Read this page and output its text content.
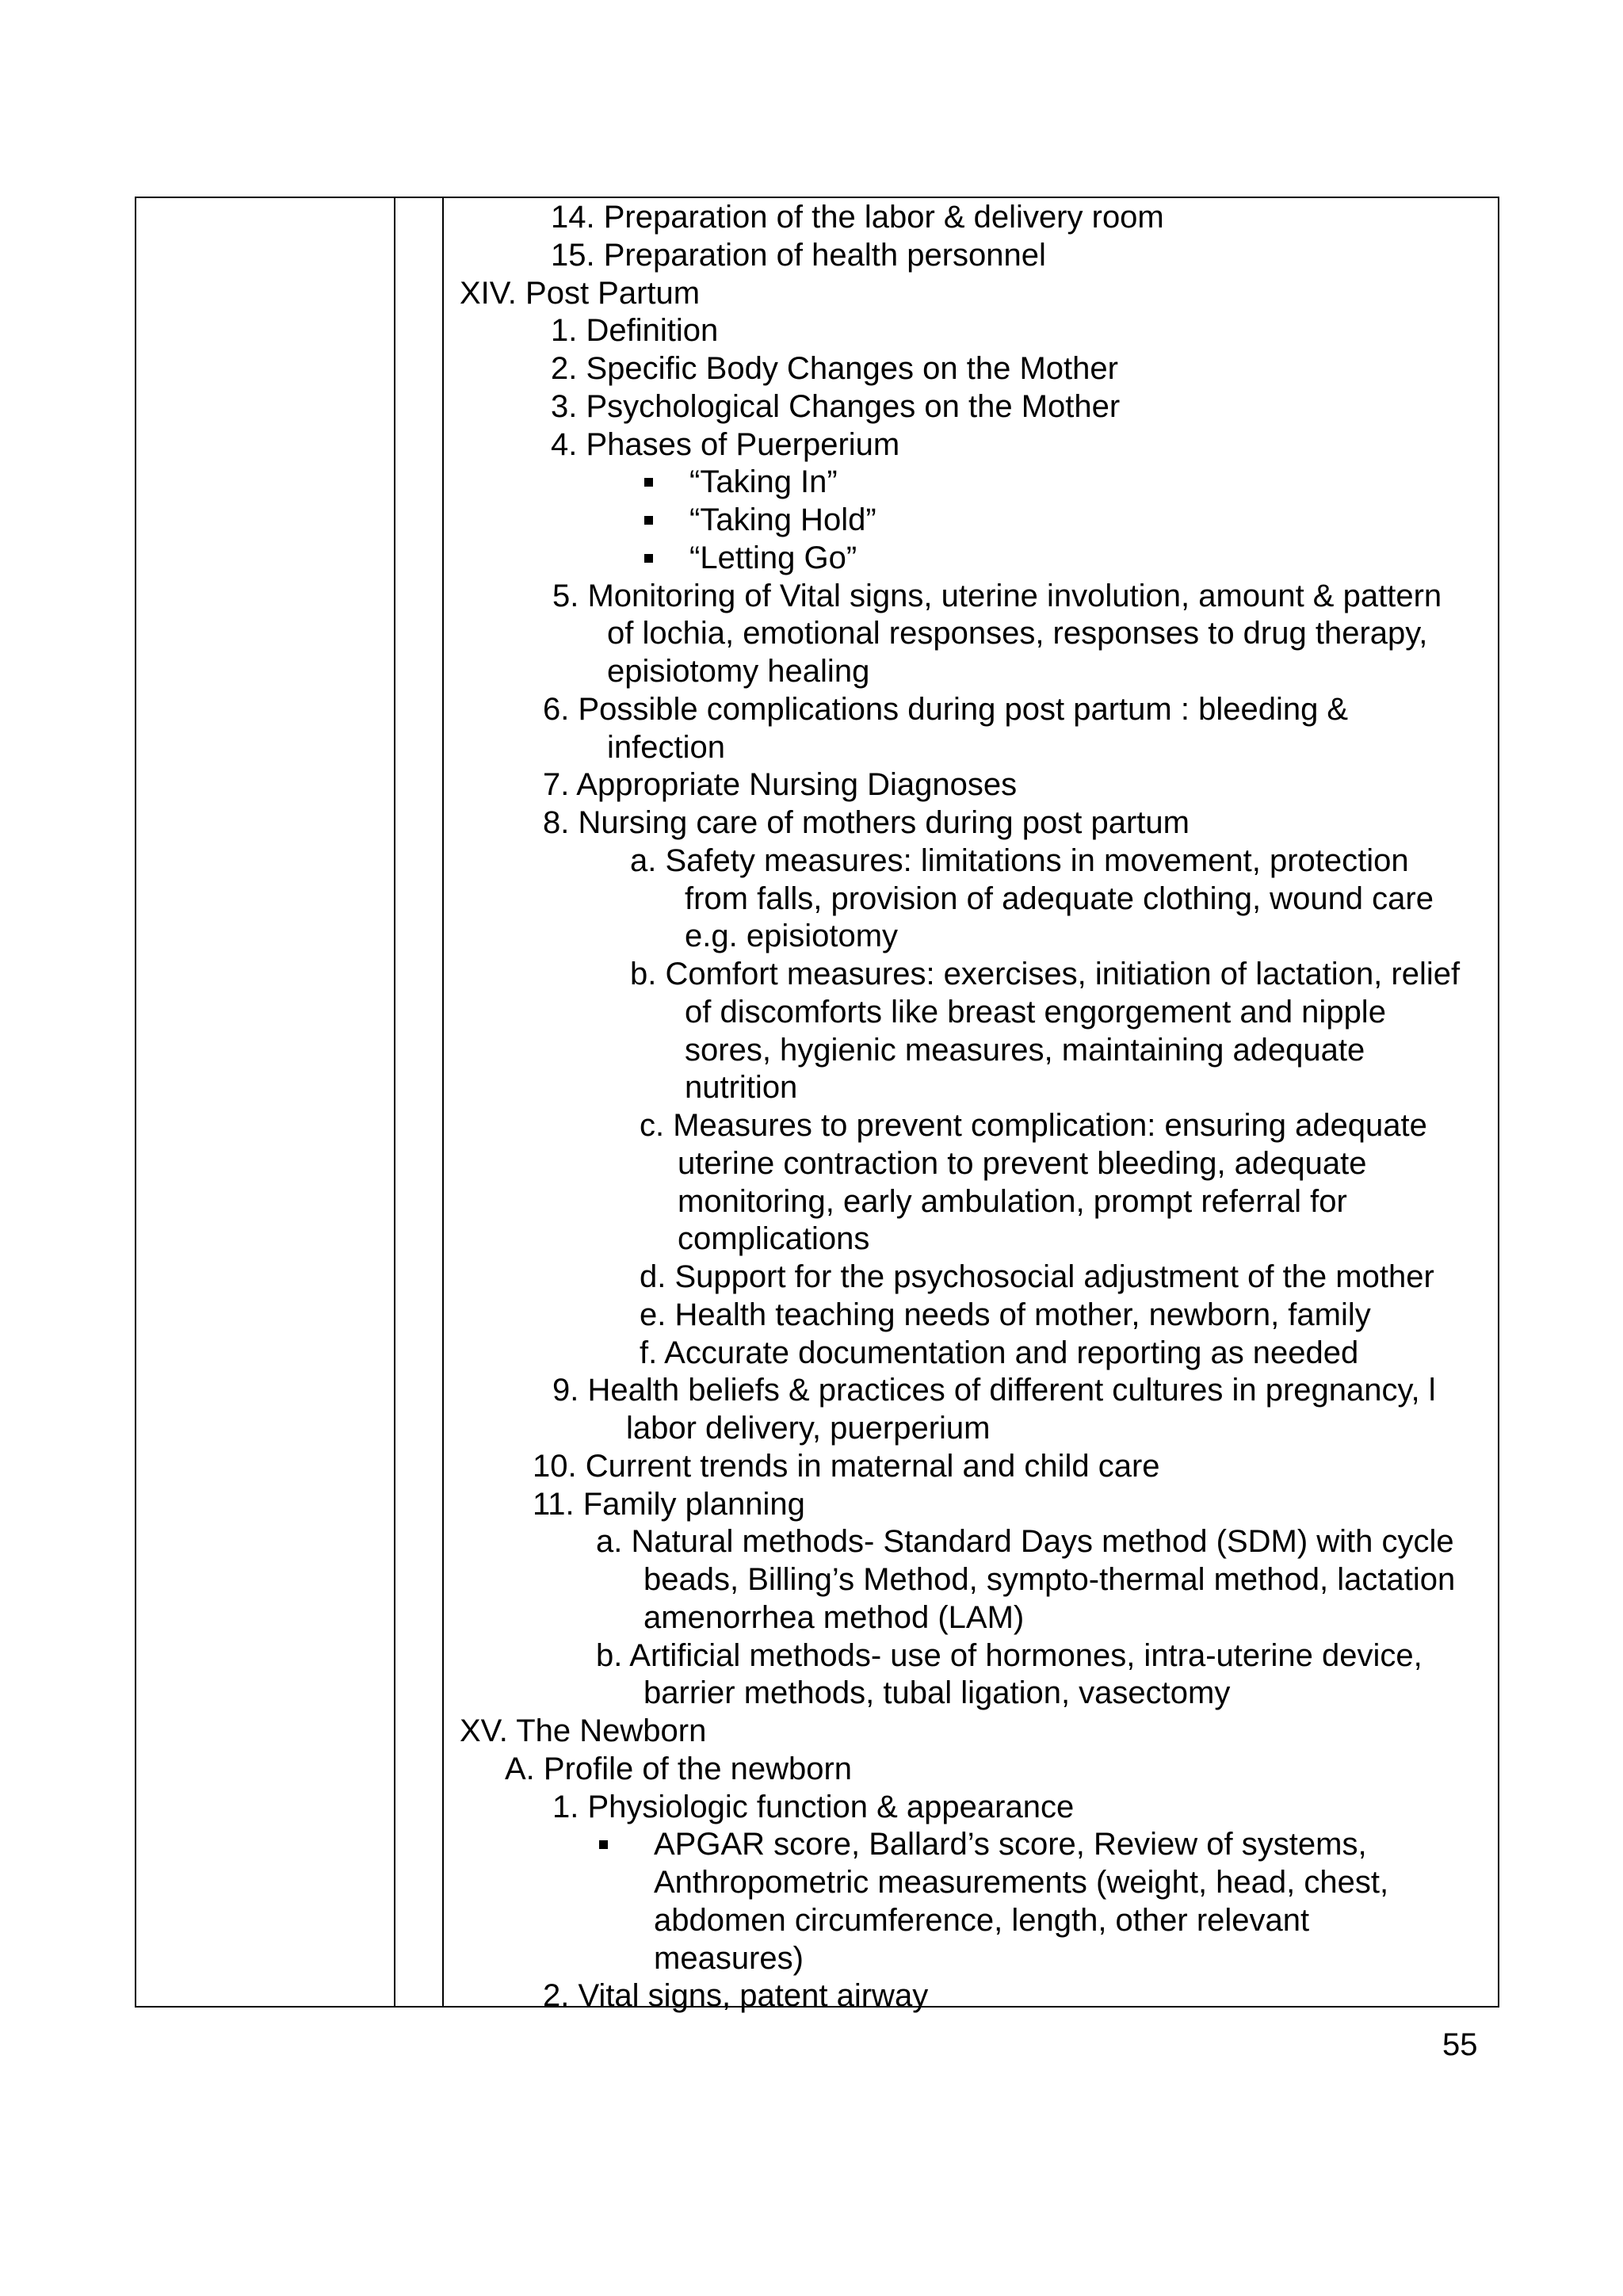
14. Preparation of the labor & delivery room
15. Preparation of health personnel
XIV. Post Partum
1. Definition
2. Specific Body Changes on the Mother
3. Psychological Changes on the Mother
4. Phases of Puerperium
“Taking In”
“Taking Hold”
“Letting Go”
5. Monitoring of Vital signs, uterine involution, amount & pattern
of lochia, emotional responses, responses to drug therapy,
episiotomy healing
6. Possible complications during post partum : bleeding &
infection
7. Appropriate Nursing Diagnoses
8. Nursing care of mothers during post partum
a. Safety measures: limitations in movement, protection
from falls, provision of adequate clothing, wound care
e.g. episiotomy
b. Comfort measures: exercises, initiation of lactation, relief
of discomforts like breast engorgement and nipple
sores, hygienic measures, maintaining adequate
nutrition
c. Measures to prevent complication: ensuring adequate
uterine contraction to prevent bleeding, adequate
monitoring, early ambulation, prompt referral for
complications
d. Support for the psychosocial adjustment of the mother
e. Health teaching needs of mother, newborn, family
f. Accurate documentation and reporting as needed
9. Health beliefs & practices of different cultures in pregnancy, l
labor delivery, puerperium
10. Current trends in maternal and child care
11. Family planning
a. Natural methods- Standard Days method (SDM) with cycle
beads, Billing’s Method, sympto-thermal method, lactation
amenorrhea method (LAM)
b. Artificial methods- use of hormones, intra-uterine device,
barrier methods, tubal ligation, vasectomy
XV. The Newborn
A. Profile of the newborn
1. Physiologic function & appearance
APGAR score, Ballard’s score, Review of systems,
Anthropometric measurements (weight, head, chest,
abdomen circumference, length, other relevant
measures)
2. Vital signs, patent airway
55
